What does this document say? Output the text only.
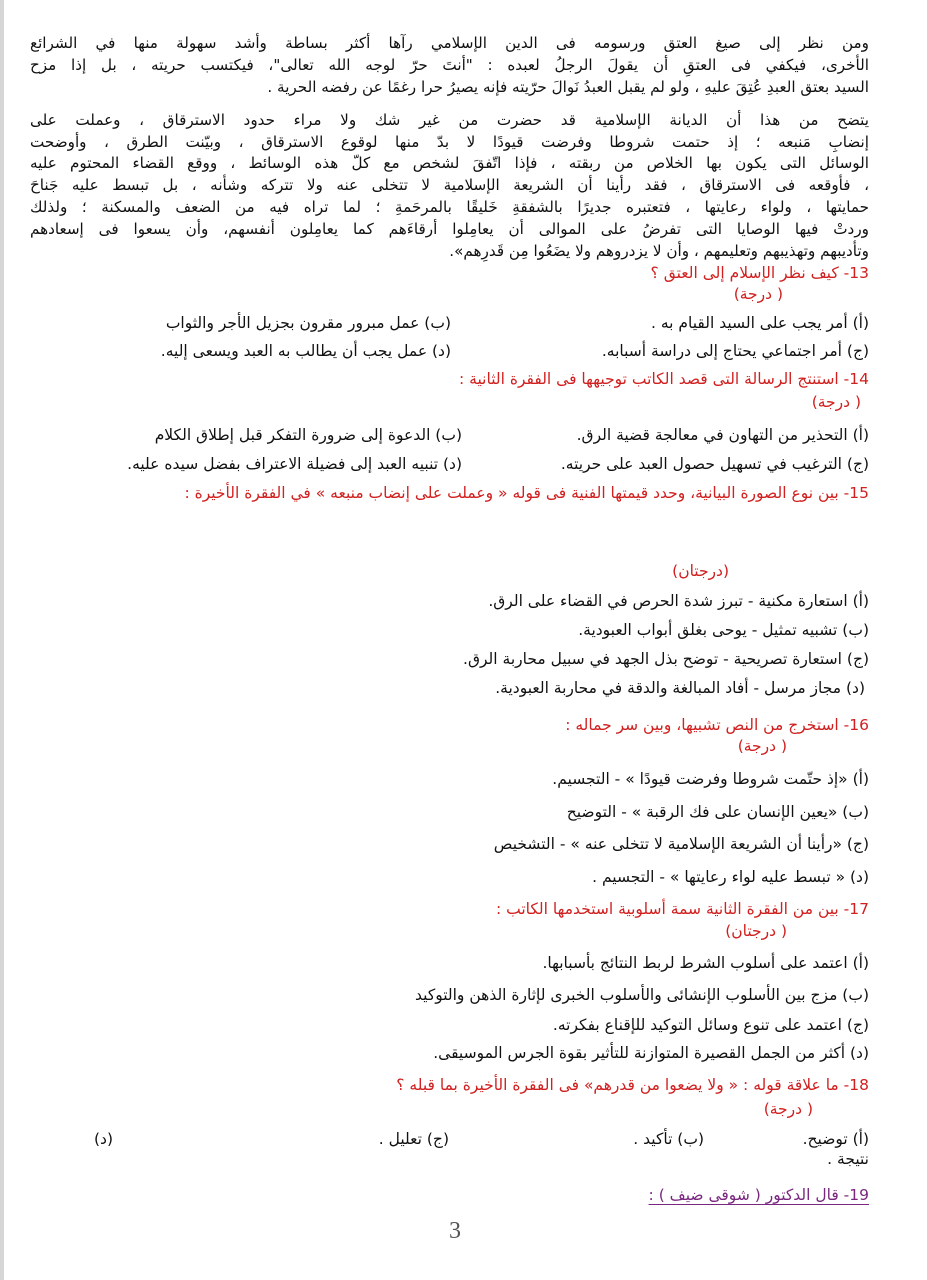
ومن نظر إلى صيغ العتق ورسومه فى الدين الإسلامي رآها أكثر بساطة وأشد سهولة منها في الشرائع
الأخرى، فيكفي فى العتقِ أن يقولَ الرجلُ لعبده : "أنتَ حرّ لوجه الله تعالى"، فيكتسب حريته ، بل إذا مزح
السيد بعتق العبدِ عُتِقَ عليهِ ، ولو لم يقبل العبدُ نَوالَ حرّيته فإنه يصيرُ حرا رغمًا عن رفضه الحرية .
يتضح من هذا أن الديانة الإسلامية قد حضرت من غير شك ولا مراء حدود الاسترقاق ، وعملت على
إنضابِ مَنبعه ؛ إذ حتمت شروطا وفرضت قيودًا لا بدّ منها لوقوع الاسترقاق ، وبيّنت الطرق ، وأوضحت
الوسائل التى يكون بها الخلاص من ربقته ، فإذا اتّفقَ لشخص مع كلّ هذه الوسائط ، ووقع القضاء المحتوم عليه
، فأوقعه فى الاسترقاق ، فقد رأينا أن الشريعة الإسلامية لا تتخلى عنه ولا تتركه وشأنه ، بل تبسط عليه جَناحَ
حمايتها ، ولواء رعايتها ، فتعتبره جديرًا بالشفقةِ خَليقًا بالمرحَمةِ ؛ لما تراه فيه من الضعف والمسكنة ؛ ولذلك
وردتْ فيها الوصايا التى تفرضُ على الموالى أن يعامِلوا أرقاءَهم كما يعامِلون أنفسهم، وأن يسعوا فى إسعادهم
وتأديبهم وتهذيبهم وتعليمهم ، وأن لا يزدروهم ولا يضَعُوا مِن قَدرِهم».
13- كيف نظر الإسلام إلى العتق ؟
( درجة)
(أ) أمر يجب على السيد القيام به .
(ب) عمل مبرور مقرون بجزيل الأجر والثواب
(ج) أمر اجتماعي يحتاج إلى دراسة أسبابه.
(د) عمل يجب أن يطالب به العبد ويسعى إليه.
14- استنتج الرسالة التى قصد الكاتب توجيهها فى الفقرة الثانية :
( درجة)
(أ) التحذير من التهاون في معالجة قضية الرق.
(ب) الدعوة إلى ضرورة التفكر قبل إطلاق الكلام
(ج) الترغيب في تسهيل حصول العبد على حريته.
(د) تنبيه العبد إلى فضيلة الاعتراف بفضل سيده عليه.
15- بين نوع الصورة البيانية، وحدد قيمتها الفنية فى قوله « وعملت على إنضاب منبعه » في الفقرة الأخيرة :
(درجتان)
(أ) استعارة مكنية - تبرز شدة الحرص في القضاء على الرق.
(ب) تشبيه تمثيل - يوحى بغلق أبواب العبودية.
(ج) استعارة تصريحية - توضح بذل الجهد في سبيل محاربة الرق.
(د) مجاز مرسل - أفاد المبالغة والدقة في محاربة العبودية.
16- استخرج من النص تشبيها، وبين سر جماله :
( درجة)
(أ) «إذ حتّمت شروطا وفرضت قيودًا » - التجسيم.
(ب) «يعين الإنسان على فك الرقبة » - التوضيح
(ج) «رأينا أن الشريعة الإسلامية لا تتخلى عنه » - التشخيص
(د) « تبسط عليه لواء رعايتها » - التجسيم .
17- بين من الفقرة الثانية سمة أسلوبية استخدمها الكاتب :
( درجتان)
(أ) اعتمد على أسلوب الشرط لربط النتائج بأسبابها.
(ب) مزج بين الأسلوب الإنشائى والأسلوب الخبرى لإثارة الذهن والتوكيد
(ج) اعتمد على تنوع وسائل التوكيد للإقناع بفكرته.
(د) أكثر من الجمل القصيرة المتوازنة للتأثير بقوة الجرس الموسيقى.
18- ما علاقة قوله : « ولا يضعوا من قدرهم» فى الفقرة الأخيرة بما قبله ؟
( درجة)
(أ) توضيح.
(ب) تأكيد .
(ج) تعليل .
(د)
نتيجة .
19- قال الدكتور ( شوقى ضيف ) :
3
